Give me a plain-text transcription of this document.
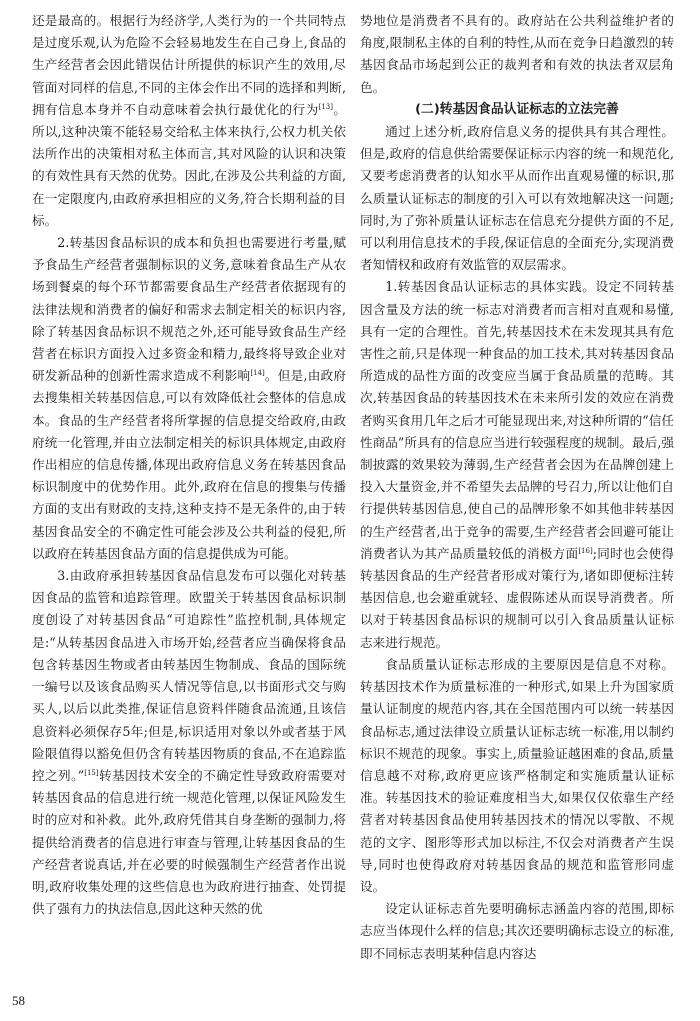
还是最高的。根据行为经济学,人类行为的一个共同特点是过度乐观,认为危险不会轻易地发生在自己身上,食品的生产经营者会因此错误估计所提供的标识产生的效用,尽管面对同样的信息,不同的主体会作出不同的选择和判断,拥有信息本身并不自动意味着会执行最优化的行为[13]。所以,这种决策不能轻易交给私主体来执行,公权力机关依法所作出的决策相对私主体而言,其对风险的认识和决策的有效性具有天然的优势。因此,在涉及公共利益的方面,在一定限度内,由政府承担相应的义务,符合长期利益的目标。

2.转基因食品标识的成本和负担也需要进行考量,赋予食品生产经营者强制标识的义务,意味着食品生产从农场到餐桌的每个环节都需要食品生产经营者依据现有的法律法规和消费者的偏好和需求去制定相关的标识内容,除了转基因食品标识不规范之外,还可能导致食品生产经营者在标识方面投入过多资金和精力,最终将导致企业对研发新品种的创新性需求造成不利影响[14]。但是,由政府去搜集相关转基因信息,可以有效降低社会整体的信息成本。食品的生产经营者将所掌握的信息提交给政府,由政府统一化管理,并由立法制定相关的标识具体规定,由政府作出相应的信息传播,体现出政府信息义务在转基因食品标识制度中的优势作用。此外,政府在信息的搜集与传播方面的支出有财政的支持,这种支持不是无条件的,由于转基因食品安全的不确定性可能会涉及公共利益的侵犯,所以政府在转基因食品方面的信息提供成为可能。

3.由政府承担转基因食品信息发布可以强化对转基因食品的监管和追踪管理。欧盟关于转基因食品标识制度创设了对转基因食品“可追踪性”监控机制,具体规定是:“从转基因食品进入市场开始,经营者应当确保将食品包含转基因生物或者由转基因生物制成、食品的国际统一编号以及该食品购买人情况等信息,以书面形式交与购买人,以后以此类推,保证信息资料伴随食品流通,且该信息资料必须保存5年;但是,标识适用对象以外或者基于风险限值得以豁免但仍含有转基因物质的食品,不在追踪监控之列。”[15]转基因技术安全的不确定性导致政府需要对转基因食品的信息进行统一规范化管理,以保证风险发生时的应对和补救。此外,政府凭借其自身垄断的强制力,将提供给消费者的信息进行审查与管理,让转基因食品的生产经营者说真话,并在必要的时候强制生产经营者作出说明,政府收集处理的这些信息也为政府进行抽查、处罚提供了强有力的执法信息,因此这种天然的优

势地位是消费者不具有的。政府站在公共利益维护者的角度,限制私主体的自利的特性,从而在竞争日趋激烈的转基因食品市场起到公正的裁判者和有效的执法者双层角色。

(二)转基因食品认证标志的立法完善

通过上述分析,政府信息义务的提供具有其合理性。但是,政府的信息供给需要保证标示内容的统一和规范化,又要考虑消费者的认知水平从而作出直观易懂的标识,那么质量认证标志的制度的引入可以有效地解决这一问题;同时,为了弥补质量认证标志在信息充分提供方面的不足,可以利用信息技术的手段,保证信息的全面充分,实现消费者知情权和政府有效监管的双层需求。

1.转基因食品认证标志的具体实践。设定不同转基因含量及方法的统一标志对消费者而言相对直观和易懂,具有一定的合理性。首先,转基因技术在未发现其具有危害性之前,只是体现一种食品的加工技术,其对转基因食品所造成的品性方面的改变应当属于食品质量的范畴。其次,转基因食品的转基因技术在未来所引发的效应在消费者购买食用几年之后才可能显现出来,对这种所谓的“信任性商品”所具有的信息应当进行较强程度的规制。最后,强制披露的效果较为薄弱,生产经营者会因为在品牌创建上投入大量资金,并不希望失去品牌的号召力,所以让他们自行提供转基因信息,使自己的品牌形象不如其他非转基因的生产经营者,出于竞争的需要,生产经营者会回避可能让消费者认为其产品质量较低的消极方面[16];同时也会使得转基因食品的生产经营者形成对策行为,诸如即便标注转基因信息,也会避重就轻、虚假陈述从而误导消费者。所以对于转基因食品标识的规制可以引入食品质量认证标志来进行规范。

食品质量认证标志形成的主要原因是信息不对称。转基因技术作为质量标准的一种形式,如果上升为国家质量认证制度的规范内容,其在全国范围内可以统一转基因食品标志,通过法律设立质量认证标志统一标准,用以制约标识不规范的现象。事实上,质量验证越困难的食品,质量信息越不对称,政府更应该严格制定和实施质量认证标准。转基因技术的验证难度相当大,如果仅仅依靠生产经营者对转基因食品使用转基因技术的情况以零散、不规范的文字、图形等形式加以标注,不仅会对消费者产生误导,同时也使得政府对转基因食品的规范和监管形同虚设。

设定认证标志首先要明确标志涵盖内容的范围,即标志应当体现什么样的信息;其次还要明确标志设立的标准,即不同标志表明某种信息内容达

58
